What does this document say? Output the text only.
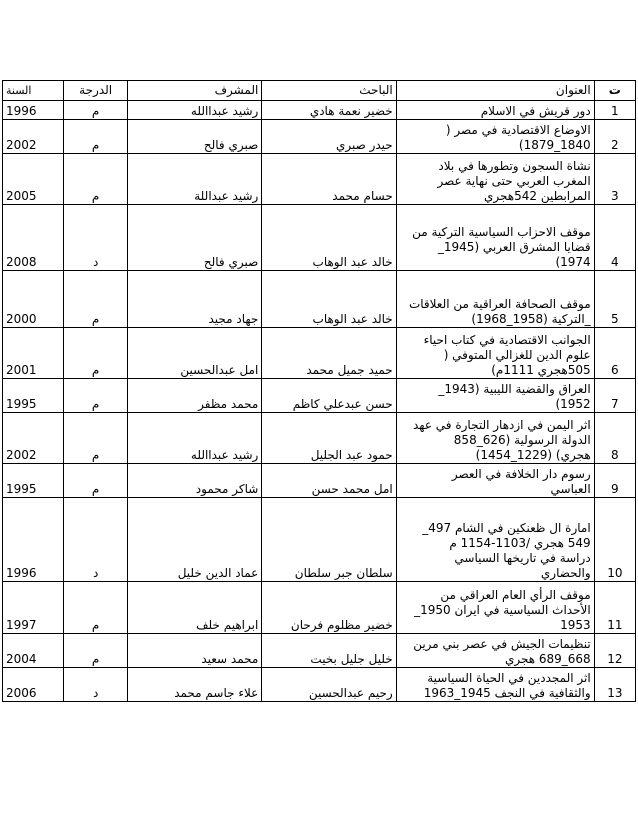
السنة	الدرجة	المشرف	الباحث	العنوان	ت
1996	م	رشيد عبداالله	خضير نعمة هادي	دور قريش في الاسلام	1
2002	م	صبري فالح	حيدر صبري	الاوضاع الاقتصادية في مصر (
1840_1879)	2
2005	م	رشيد عبداللة	حسام محمد	نشاة السجون وتطورها في بلاد
المغرب العربي حتى نهاية عصر
المرابطين 542هجري	3
2008	د	صبري فالح	خالد عبد الوهاب	موقف الاحزاب السياسية التركية من
قضايا المشرق العربي (1945_
1974)	4
2000	م	جهاد مجيد	خالد عبد الوهاب	موقف الصحافة العراقية من العلاقات
_التركية (1958_1968)	5
2001	م	امل عبدالحسين	حميد جميل محمد	الجوانب الاقتصادية في كتاب احياء
علوم الدين للغزالي المتوفي (
505هجري 1111م)	6
1995	م	محمد مظفر	حسن عبدعلي كاظم	العراق والقضية الليبية (1943_
1952)	7
2002	م	رشيد عبداالله	حمود عبد الجليل	اثر اليمن في ازدهار التجارة في عهد
الدولة الرسولية (626_858
هجري) (1229_1454)	8
1995	م	شاكر محمود	امل محمد حسن	رسوم دار الخلافة في العصر
العباسي	9
1996	د	عماد الدين خليل	سلطان جبر سلطان	امارة ال ظعنكين في الشام 497_
549 هجري /1103-1154 م
دراسة في تاريخها السياسي
والحضاري	10
1997	م	ابراهيم خلف	خضير مظلوم فرحان	موقف الرأي العام العراقي من
الأحداث السياسية في ايران 1950_
1953	11
2004	م	محمد سعيد	خليل جليل بخيت	تنظيمات الجيش في عصر بني مرين
668_689 هجري	12
2006	د	علاء جاسم محمد	رحيم عبدالحسين	اثر المجددين في الحياة السياسية
والثقافية في النجف 1945_1963	13
